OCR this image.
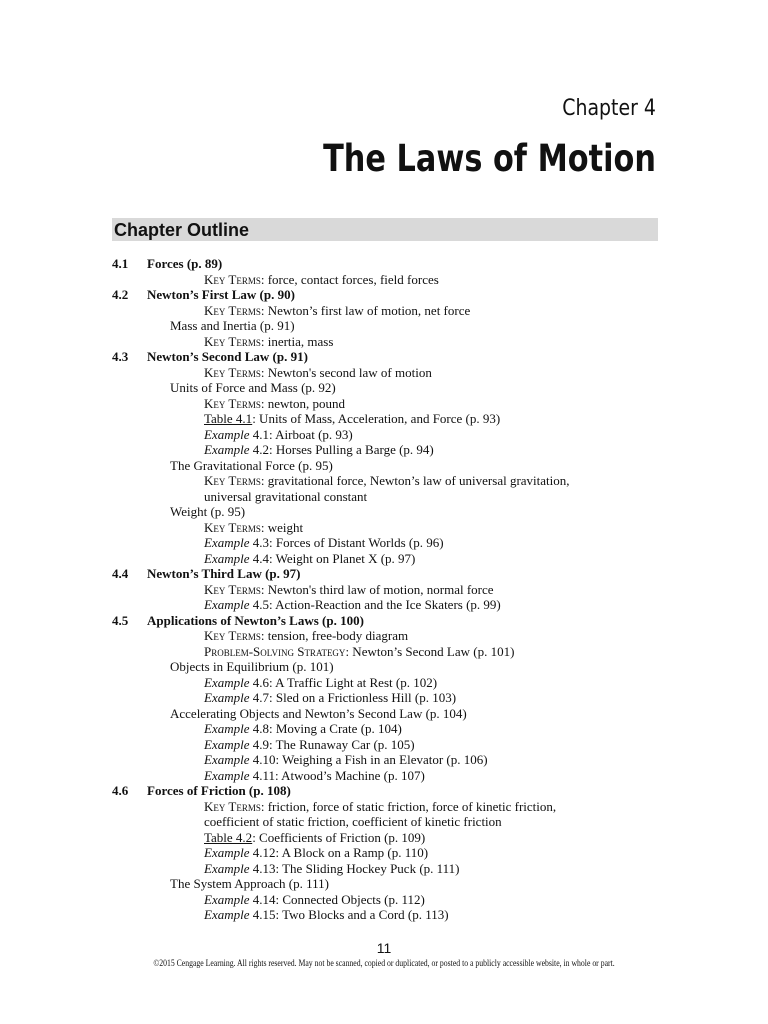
Chapter 4
The Laws of Motion
Chapter Outline
4.1 Forces (p. 89)
Key Terms: force, contact forces, field forces
4.2 Newton’s First Law (p. 90)
Key Terms: Newton’s first law of motion, net force
Mass and Inertia (p. 91)
Key Terms: inertia, mass
4.3 Newton’s Second Law (p. 91)
Key Terms: Newton's second law of motion
Units of Force and Mass (p. 92)
Key Terms: newton, pound
Table 4.1: Units of Mass, Acceleration, and Force (p. 93)
Example 4.1: Airboat (p. 93)
Example 4.2: Horses Pulling a Barge (p. 94)
The Gravitational Force (p. 95)
Key Terms: gravitational force, Newton’s law of universal gravitation,
universal gravitational constant
Weight (p. 95)
Key Terms: weight
Example 4.3: Forces of Distant Worlds (p. 96)
Example 4.4: Weight on Planet X (p. 97)
4.4 Newton’s Third Law (p. 97)
Key Terms: Newton's third law of motion, normal force
Example 4.5: Action-Reaction and the Ice Skaters (p. 99)
4.5 Applications of Newton’s Laws (p. 100)
Key Terms: tension, free-body diagram
Problem-Solving Strategy: Newton’s Second Law (p. 101)
Objects in Equilibrium (p. 101)
Example 4.6: A Traffic Light at Rest (p. 102)
Example 4.7: Sled on a Frictionless Hill (p. 103)
Accelerating Objects and Newton’s Second Law (p. 104)
Example 4.8: Moving a Crate (p. 104)
Example 4.9: The Runaway Car (p. 105)
Example 4.10: Weighing a Fish in an Elevator (p. 106)
Example 4.11: Atwood’s Machine (p. 107)
4.6 Forces of Friction (p. 108)
Key Terms: friction, force of static friction, force of kinetic friction,
coefficient of static friction, coefficient of kinetic friction
Table 4.2: Coefficients of Friction (p. 109)
Example 4.12: A Block on a Ramp (p. 110)
Example 4.13: The Sliding Hockey Puck (p. 111)
The System Approach (p. 111)
Example 4.14: Connected Objects (p. 112)
Example 4.15: Two Blocks and a Cord (p. 113)
11
©2015 Cengage Learning. All rights reserved. May not be scanned, copied or duplicated, or posted to a publicly accessible website, in whole or part.
